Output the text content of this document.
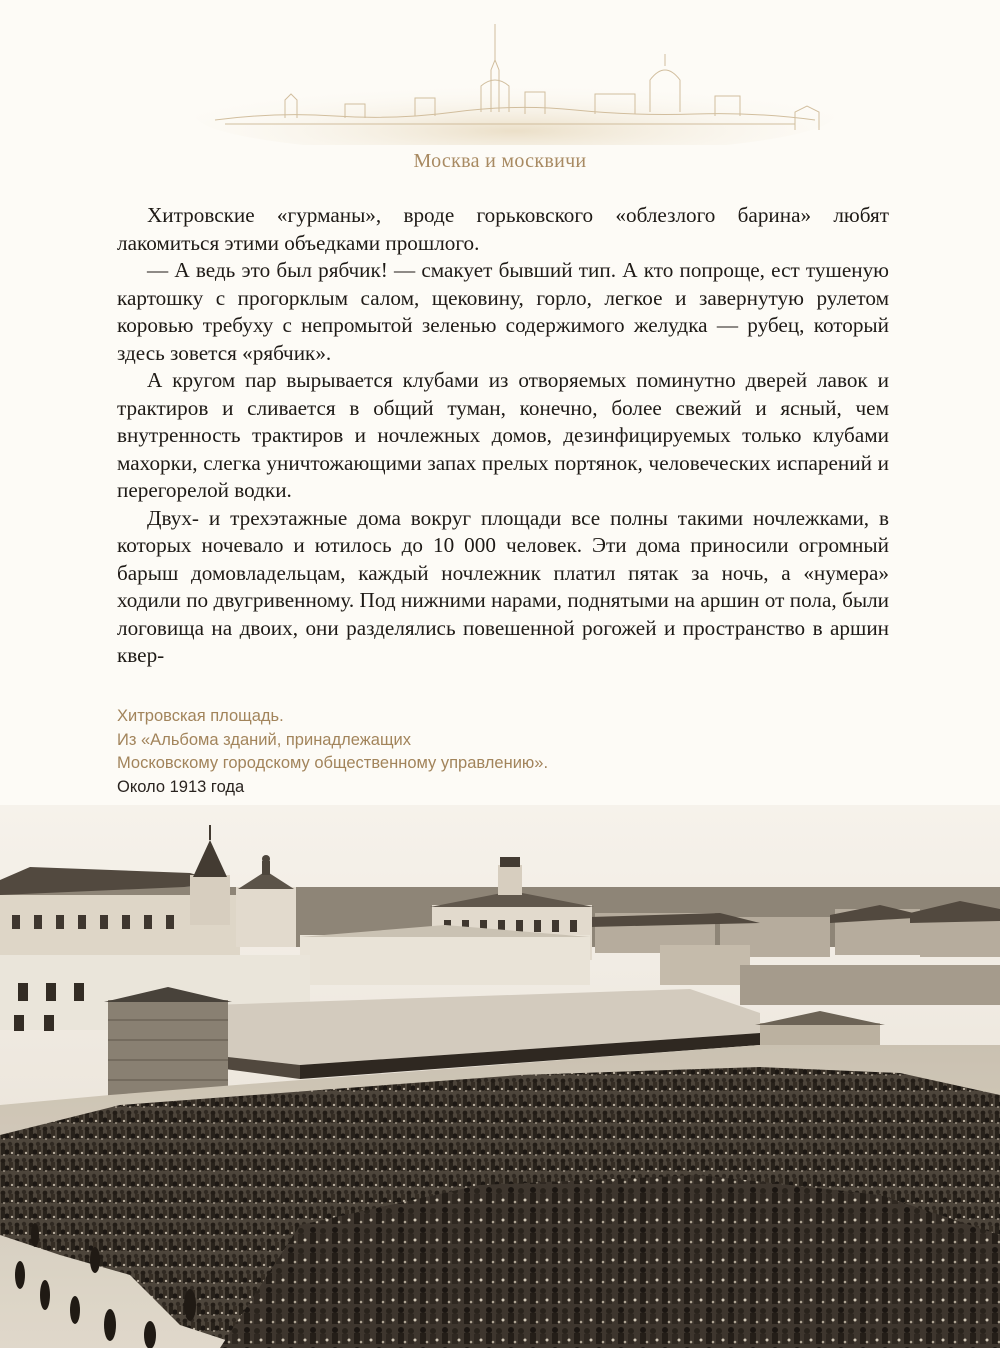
Москва и москвичи

Хитровские «гурманы», вроде горьковского «облезлого барина» любят лакомиться этими объедками прошлого.

— А ведь это был рябчик! — смакует бывший тип. А кто попроще, ест тушеную картошку с прогорклым салом, щековину, горло, легкое и завернутую рулетом коровью требуху с непромытой зеленью содержимого желудка — рубец, который здесь зовется «рябчик».

А кругом пар вырывается клубами из отворяемых поминутно дверей лавок и трактиров и сливается в общий туман, конечно, более свежий и ясный, чем внутренность трактиров и ночлежных домов, дезинфицируемых только клубами махорки, слегка уничтожающими запах прелых портянок, человеческих испарений и перегорелой водки.

Двух- и трехэтажные дома вокруг площади все полны такими ночлежками, в которых ночевало и ютилось до 10 000 человек. Эти дома приносили огромный барыш домовладельцам, каждый ночлежник платил пятак за ночь, а «нумера» ходили по двугривенному. Под нижними нарами, поднятыми на аршин от пола, были логовища на двоих, они разделялись повешенной рогожей и пространство в аршин квер-

Хитровская площадь.
Из «Альбома зданий, принадлежащих
Московскому городскому общественному управлению».
Около 1913 года
